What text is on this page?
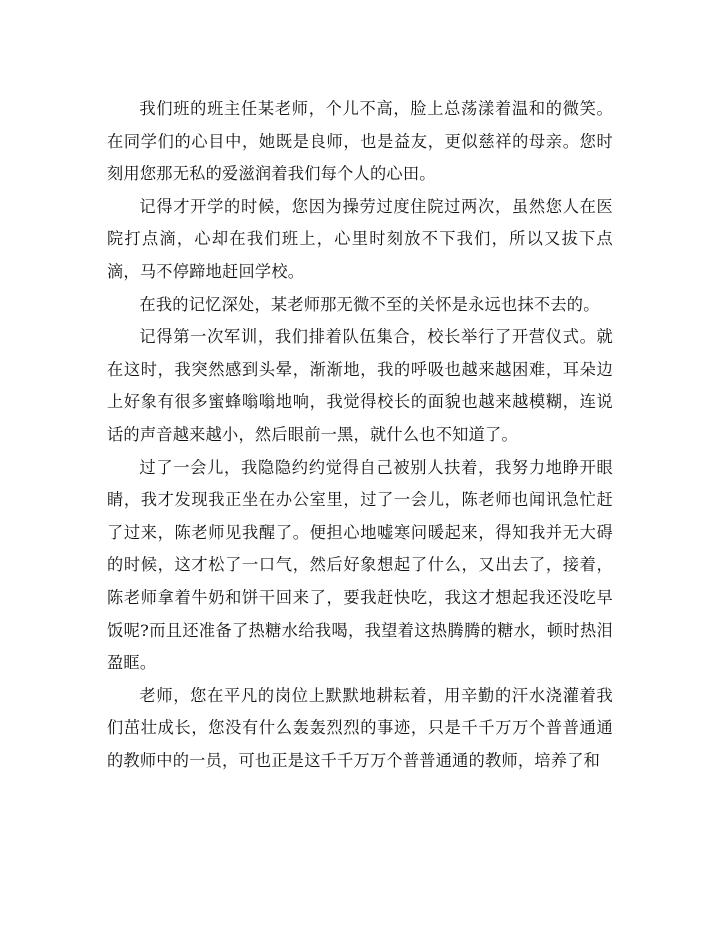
我们班的班主任某老师，个儿不高，脸上总荡漾着温和的微笑。在同学们的心目中，她既是良师，也是益友，更似慈祥的母亲。您时刻用您那无私的爱滋润着我们每个人的心田。

记得才开学的时候，您因为操劳过度住院过两次，虽然您人在医院打点滴，心却在我们班上，心里时刻放不下我们，所以又拔下点滴，马不停蹄地赶回学校。

在我的记忆深处，某老师那无微不至的关怀是永远也抹不去的。

记得第一次军训，我们排着队伍集合，校长举行了开营仪式。就在这时，我突然感到头晕，渐渐地，我的呼吸也越来越困难，耳朵边上好象有很多蜜蜂嗡嗡地响，我觉得校长的面貌也越来越模糊，连说话的声音越来越小，然后眼前一黑，就什么也不知道了。

过了一会儿，我隐隐约约觉得自己被别人扶着，我努力地睁开眼睛，我才发现我正坐在办公室里，过了一会儿，陈老师也闻讯急忙赶了过来，陈老师见我醒了。便担心地嘘寒问暖起来，得知我并无大碍的时候，这才松了一口气，然后好象想起了什么，又出去了，接着，陈老师拿着牛奶和饼干回来了，要我赶快吃，我这才想起我还没吃早饭呢?而且还准备了热糖水给我喝，我望着这热腾腾的糖水，顿时热泪盈眶。

老师，您在平凡的岗位上默默地耕耘着，用辛勤的汗水浇灌着我们茁壮成长，您没有什么轰轰烈烈的事迹，只是千千万万个普普通通的教师中的一员，可也正是这千千万万个普普通通的教师，培养了和
